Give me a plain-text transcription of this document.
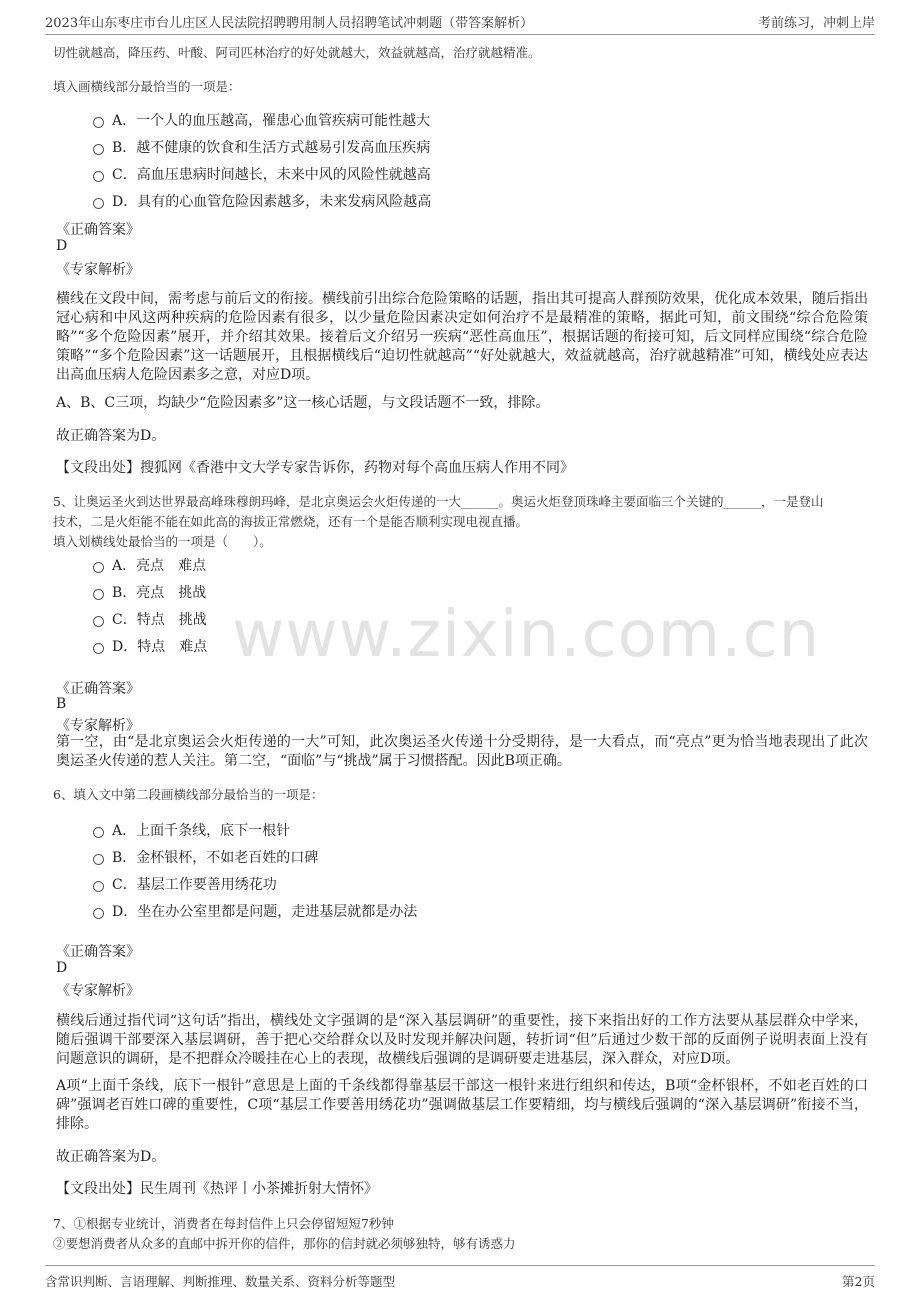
2023年山东枣庄市台儿庄区人民法院招聘聘用制人员招聘笔试冲刺题（带答案解析）	考前练习，冲刺上岸
www.zixin.com.cn
切性就越高，降压药、叶酸、阿司匹林治疗的好处就越大，效益就越高，治疗就越精准。
填入画横线部分最恰当的一项是：
A． 一个人的血压越高，罹患心血管疾病可能性越大
B． 越不健康的饮食和生活方式越易引发高血压疾病
C． 高血压患病时间越长，未来中风的风险性就越高
D． 具有的心血管危险因素越多，未来发病风险越高
《正确答案》
D
《专家解析》
横线在文段中间，需考虑与前后文的衔接。横线前引出综合危险策略的话题，指出其可提高人群预防效果，优化成本效果，随后指出冠心病和中风这两种疾病的危险因素有很多，以少量危险因素决定如何治疗不是最精准的策略，据此可知，前文围绕“综合危险策略”“多个危险因素”展开，并介绍其效果。接着后文介绍另一疾病“恶性高血压”，根据话题的衔接可知，后文同样应围绕“综合危险策略”“多个危险因素”这一话题展开，且根据横线后“迫切性就越高”“好处就越大，效益就越高，治疗就越精准”可知，横线处应表达出高血压病人危险因素多之意，对应D项。
A、B、C三项，均缺少“危险因素多”这一核心话题，与文段话题不一致，排除。
故正确答案为D。
【文段出处】搜狐网《香港中文大学专家告诉你，药物对每个高血压病人作用不同》
5、让奥运圣火到达世界最高峰珠穆朗玛峰，是北京奥运会火炬传递的一大______。奥运火炬登顶珠峰主要面临三个关键的______，一是登山
技术，二是火炬能不能在如此高的海拔正常燃烧，还有一个是能否顺利实现电视直播。
填入划横线处最恰当的一项是（　　）。
A． 亮点　难点
B． 亮点　挑战
C． 特点　挑战
D． 特点　难点
《正确答案》
B
《专家解析》
第一空，由“是北京奥运会火炬传递的一大”可知，此次奥运圣火传递十分受期待，是一大看点，而“亮点”更为恰当地表现出了此次奥运圣火传递的惹人关注。第二空，“面临”与“挑战”属于习惯搭配。因此B项正确。
6、填入文中第二段画横线部分最恰当的一项是：
A． 上面千条线，底下一根针
B． 金杯银杯，不如老百姓的口碑
C． 基层工作要善用绣花功
D． 坐在办公室里都是问题，走进基层就都是办法
《正确答案》
D
《专家解析》
横线后通过指代词“这句话”指出，横线处文字强调的是“深入基层调研”的重要性，接下来指出好的工作方法要从基层群众中学来，随后强调干部要深入基层调研，善于把心交给群众以及时发现并解决问题，转折词“但”后通过少数干部的反面例子说明表面上没有问题意识的调研，是不把群众冷暖挂在心上的表现，故横线后强调的是调研要走进基层，深入群众，对应D项。
A项“上面千条线，底下一根针”意思是上面的千条线都得靠基层干部这一根针来进行组织和传达，B项“金杯银杯，不如老百姓的口碑”强调老百姓口碑的重要性，C项“基层工作要善用绣花功”强调做基层工作要精细，均与横线后强调的“深入基层调研”衔接不当，排除。
故正确答案为D。
【文段出处】民生周刊《热评丨小茶摊折射大情怀》
7、①根据专业统计，消费者在每封信件上只会停留短短7秒钟
②要想消费者从众多的直邮中拆开你的信件，那你的信封就必须够独特，够有诱惑力
含常识判断、言语理解、判断推理、数量关系、资料分析等题型	第2页
